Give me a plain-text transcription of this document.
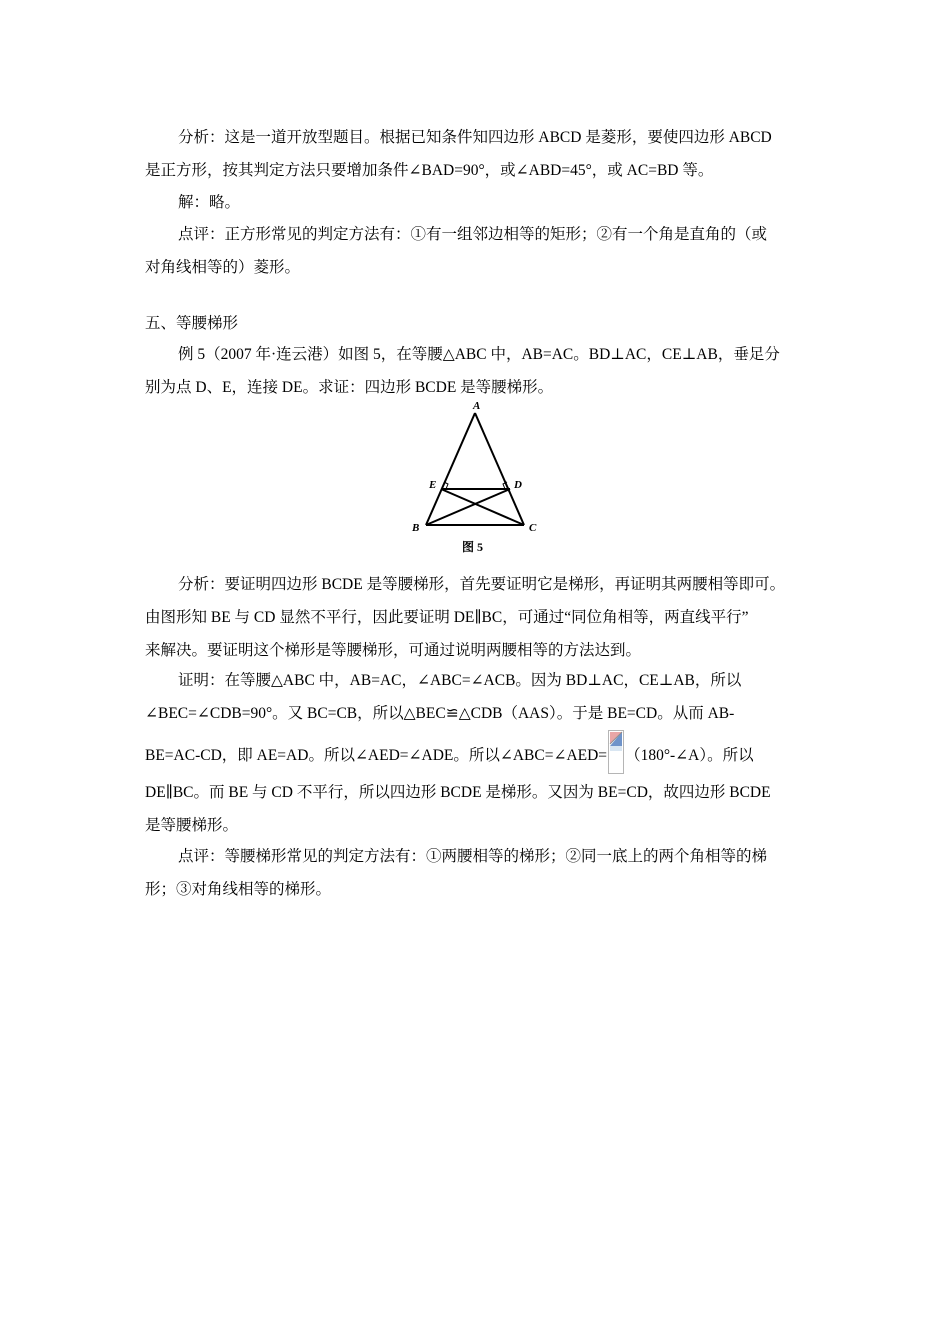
分析：这是一道开放型题目。根据已知条件知四边形 ABCD 是菱形，要使四边形 ABCD
是正方形，按其判定方法只要增加条件∠BAD=90°，或∠ABD=45°，或 AC=BD 等。
解：略。
点评：正方形常见的判定方法有：①有一组邻边相等的矩形；②有一个角是直角的（或
对角线相等的）菱形。
五、等腰梯形
例 5（2007 年·连云港）如图 5，在等腰△ABC 中，AB=AC。BD⊥AC，CE⊥AB，垂足分
别为点 D、E，连接 DE。求证：四边形 BCDE 是等腰梯形。
A
E	D
B	C
图 5
分析：要证明四边形 BCDE 是等腰梯形，首先要证明它是梯形，再证明其两腰相等即可。
由图形知 BE 与 CD 显然不平行，因此要证明 DE∥BC，可通过“同位角相等，两直线平行”
来解决。要证明这个梯形是等腰梯形，可通过说明两腰相等的方法达到。
证明：在等腰△ABC 中，AB=AC，∠ABC=∠ACB。因为 BD⊥AC，CE⊥AB，所以
∠BEC=∠CDB=90°。又 BC=CB，所以△BEC≌△CDB（AAS）。于是 BE=CD。从而 AB-
BE=AC-CD，即 AE=AD。所以∠AED=∠ADE。所以∠ABC=∠AED= （180°-∠A）。所以
DE∥BC。而 BE 与 CD 不平行，所以四边形 BCDE 是梯形。又因为 BE=CD，故四边形 BCDE
是等腰梯形。
点评：等腰梯形常见的判定方法有：①两腰相等的梯形；②同一底上的两个角相等的梯
形；③对角线相等的梯形。
